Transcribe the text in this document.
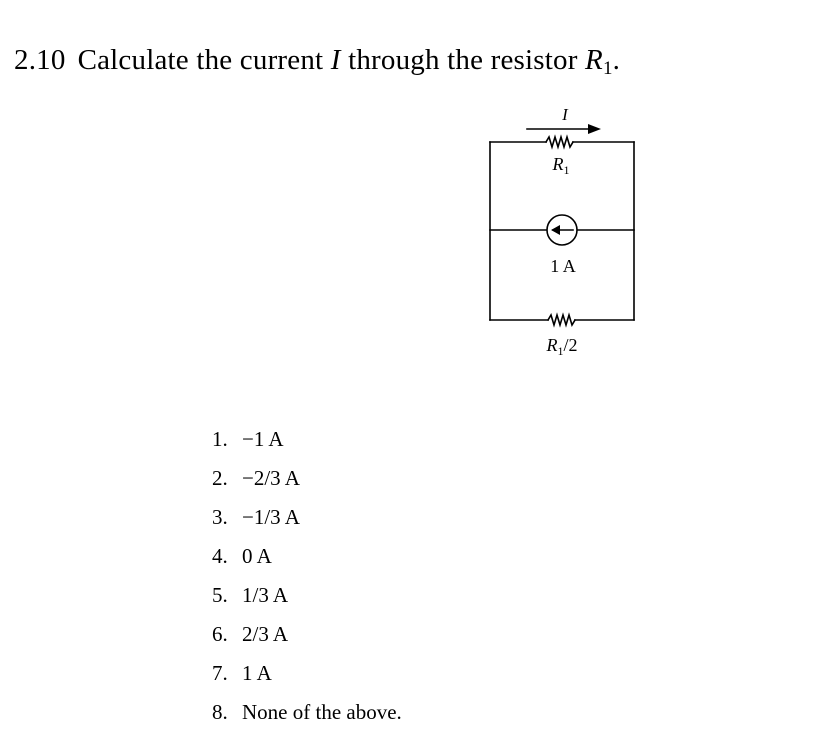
2.10 Calculate the current I through the resistor $R_1$.
I
$R_1$
1 A
$R_1/2$
1. −1 A
2. −2/3 A
3. −1/3 A
4. 0 A
5. 1/3 A
6. 2/3 A
7. 1 A
8. None of the above.
